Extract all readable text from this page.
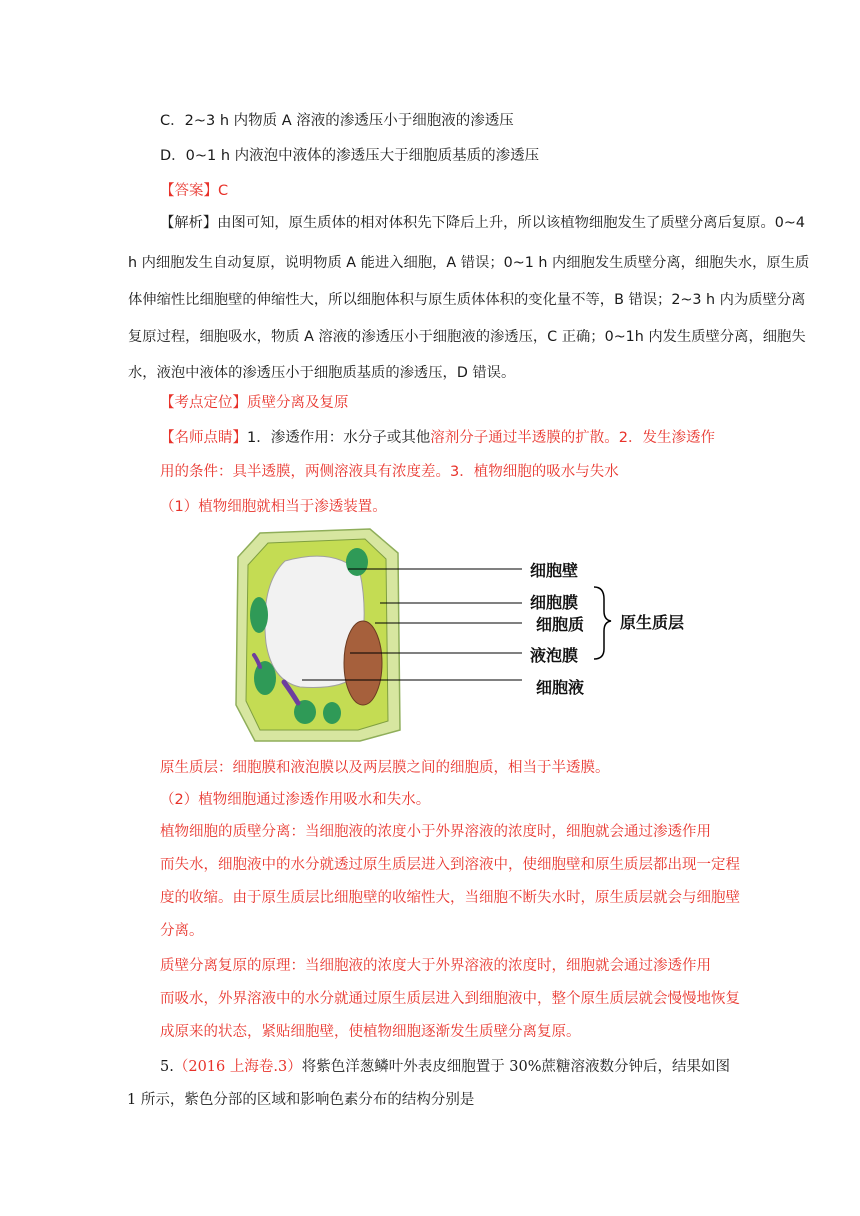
C．2~3 h 内物质 A 溶液的渗透压小于细胞液的渗透压
D．0~1 h 内液泡中液体的渗透压大于细胞质基质的渗透压
【答案】C
【解析】由图可知，原生质体的相对体积先下降后上升，所以该植物细胞发生了质壁分离后复原。0~4
h 内细胞发生自动复原，说明物质 A 能进入细胞，A 错误；0~1 h 内细胞发生质壁分离，细胞失水，原生质
体伸缩性比细胞壁的伸缩性大，所以细胞体积与原生质体体积的变化量不等，B 错误；2~3 h 内为质壁分离
复原过程，细胞吸水，物质 A 溶液的渗透压小于细胞液的渗透压，C 正确；0~1h 内发生质壁分离，细胞失
水，液泡中液体的渗透压小于细胞质基质的渗透压，D 错误。
【考点定位】质壁分离及复原
【名师点睛】1．渗透作用：水分子或其他溶剂分子通过半透膜的扩散。2．发生渗透作
用的条件：具半透膜，两侧溶液具有浓度差。3．植物细胞的吸水与失水
（1）植物细胞就相当于渗透装置。
细胞壁
细胞膜
细胞质
液泡膜
细胞液
原生质层
原生质层：细胞膜和液泡膜以及两层膜之间的细胞质，相当于半透膜。
（2）植物细胞通过渗透作用吸水和失水。
植物细胞的质壁分离：当细胞液的浓度小于外界溶液的浓度时，细胞就会通过渗透作用
而失水，细胞液中的水分就透过原生质层进入到溶液中，使细胞壁和原生质层都出现一定程
度的收缩。由于原生质层比细胞壁的收缩性大，当细胞不断失水时，原生质层就会与细胞壁
分离。
质壁分离复原的原理：当细胞液的浓度大于外界溶液的浓度时，细胞就会通过渗透作用
而吸水，外界溶液中的水分就通过原生质层进入到细胞液中，整个原生质层就会慢慢地恢复
成原来的状态，紧贴细胞壁，使植物细胞逐渐发生质壁分离复原。
5.（2016 上海卷.3）将紫色洋葱鳞叶外表皮细胞置于 30%蔗糖溶液数分钟后，结果如图
1 所示，紫色分部的区域和影响色素分布的结构分别是
